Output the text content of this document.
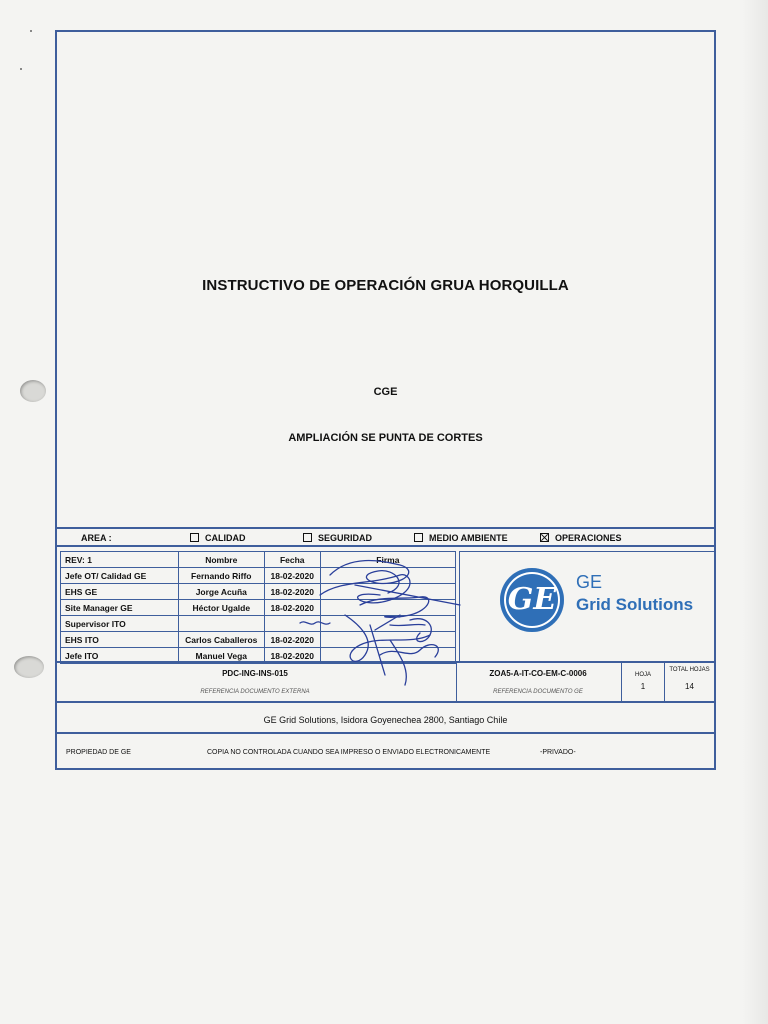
INSTRUCTIVO DE OPERACIÓN GRUA HORQUILLA
CGE
AMPLIACIÓN SE PUNTA DE CORTES
AREA :	CALIDAD	SEGURIDAD	MEDIO AMBIENTE	OPERACIONES
REV: 1	Nombre	Fecha	Firma
Jefe OT/ Calidad GE	Fernando Riffo	18-02-2020	
EHS GE	Jorge Acuña	18-02-2020	
Site Manager GE	Héctor Ugalde	18-02-2020	
Supervisor ITO			
EHS ITO	Carlos Caballeros	18-02-2020	
Jefe ITO	Manuel Vega	18-02-2020	
GE	GE
Grid Solutions
PDC-ING-INS-015
REFERENCIA DOCUMENTO EXTERNA
ZOA5-A-IT-CO-EM-C-0006
REFERENCIA DOCUMENTO GE
HOJA
1
TOTAL HOJAS
14
GE Grid Solutions, Isidora Goyenechea 2800, Santiago Chile
PROPIEDAD DE GE	COPIA NO CONTROLADA CUANDO SEA IMPRESO O ENVIADO ELECTRONICAMENTE	-PRIVADO-
